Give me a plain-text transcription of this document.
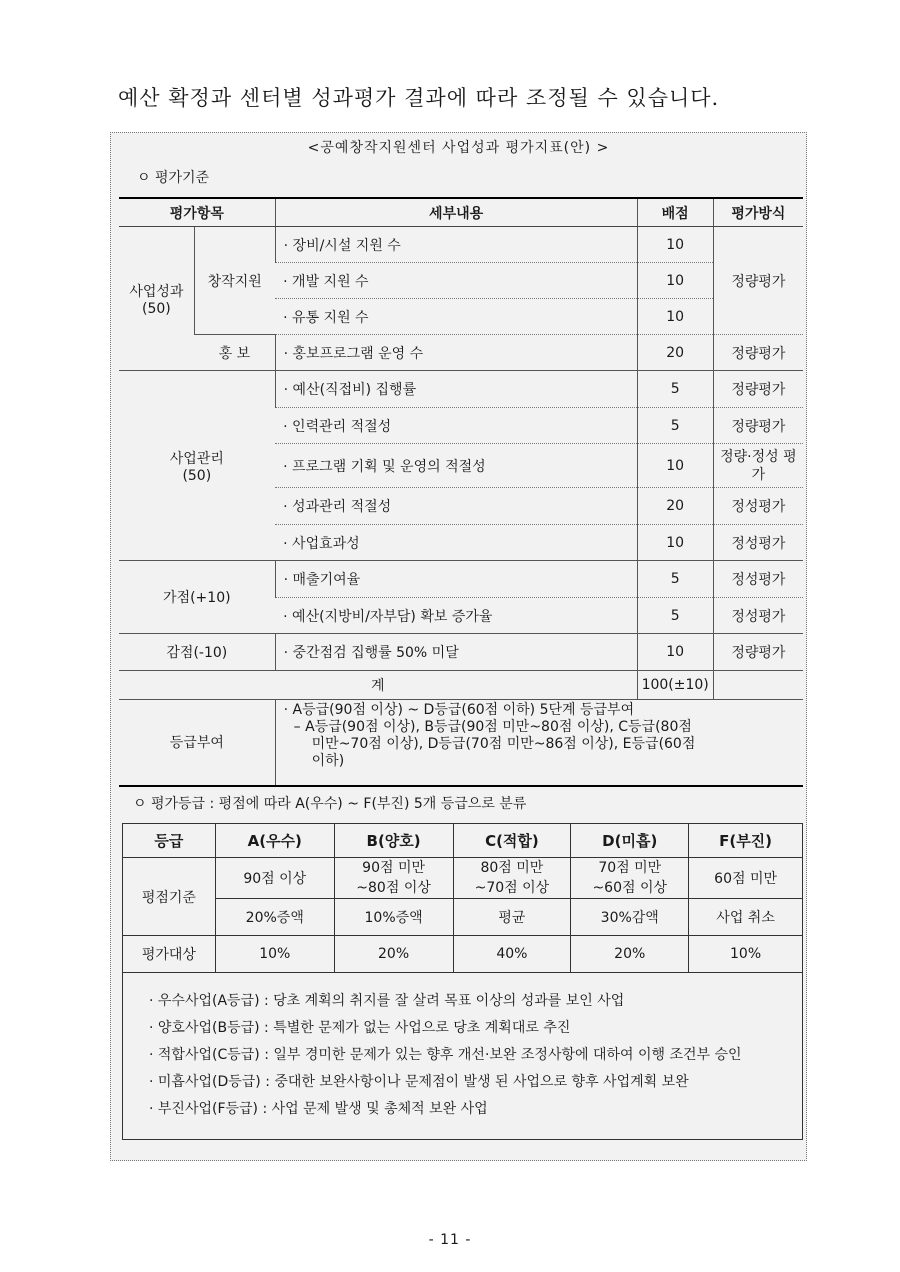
예산 확정과 센터별 성과평가 결과에 따라 조정될 수 있습니다.
<공예창작지원센터 사업성과 평가지표(안) >
ㅇ 평가기준
평가항목		세부내용	배점	평가방식
사업성과
(50)	창작지원	· 장비/시설 지원 수	10	정량평가
		· 개발 지원 수	10	
		· 유통 지원 수	10	
	홍 보	· 홍보프로그램 운영 수	20	정량평가
사업관리
(50)		· 예산(직접비) 집행률	5	정량평가
		· 인력관리 적절성	5	정량평가
		· 프로그램 기획 및 운영의 적절성	10	정량·정성 평가
		· 성과관리 적절성	20	정성평가
		· 사업효과성	10	정성평가
가점(+10)		· 매출기여율	5	정성평가
		· 예산(지방비/자부담) 확보 증가율	5	정성평가
감점(-10)		· 중간점검 집행률 50% 미달	10	정량평가
계			100(±10)	
등급부여		· A등급(90점 이상) ~ D등급(60점 이하) 5단계 등급부여
– A등급(90점 이상), B등급(90점 미만~80점 이상), C등급(80점
미만~70점 이상), D등급(70점 미만~86점 이상), E등급(60점
이하)		
ㅇ 평가등급 : 평점에 따라 A(우수) ~ F(부진) 5개 등급으로 분류
등급	A(우수)	B(양호)	C(적합)	D(미흡)	F(부진)
평점기준	90점 이상	90점 미만
~80점 이상	80점 미만
~70점 이상	70점 미만
~60점 이상	60점 미만
	20%증액	10%증액	평균	30%감액	사업 취소
평가대상	10%	20%	40%	20%	10%
· 우수사업(A등급) : 당초 계획의 취지를 잘 살려 목표 이상의 성과를 보인 사업
· 양호사업(B등급) : 특별한 문제가 없는 사업으로 당초 계획대로 추진
· 적합사업(C등급) : 일부 경미한 문제가 있는 향후 개선·보완 조정사항에 대하여 이행 조건부 승인
· 미흡사업(D등급) : 중대한 보완사항이나 문제점이 발생 된 사업으로 향후 사업계획 보완
· 부진사업(F등급) : 사업 문제 발생 및 총체적 보완 사업
- 11 -
